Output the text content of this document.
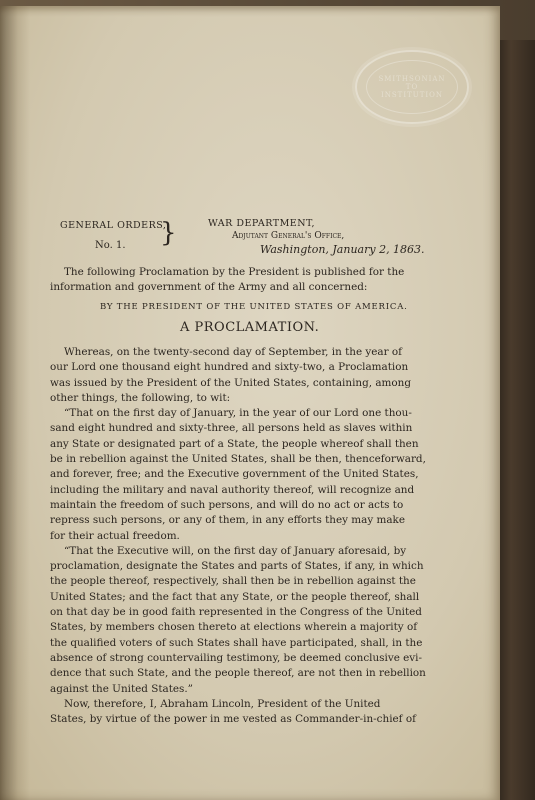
SMITHSONIAN
TO
INSTITUTION
GENERAL ORDERS,
No. 1. }	WAR DEPARTMENT,
Adjutant General's Office,
Washington, January 2, 1863.
The following Proclamation by the President is published for the
information and government of the Army and all concerned:
BY THE PRESIDENT OF THE UNITED STATES OF AMERICA.
A PROCLAMATION.
Whereas, on the twenty-second day of September, in the year of
our Lord one thousand eight hundred and sixty-two, a Proclamation
was issued by the President of the United States, containing, among
other things, the following, to wit:
“That on the first day of January, in the year of our Lord one thou-
sand eight hundred and sixty-three, all persons held as slaves within
any State or designated part of a State, the people whereof shall then
be in rebellion against the United States, shall be then, thenceforward,
and forever, free; and the Executive government of the United States,
including the military and naval authority thereof, will recognize and
maintain the freedom of such persons, and will do no act or acts to
repress such persons, or any of them, in any efforts they may make
for their actual freedom.
“That the Executive will, on the first day of January aforesaid, by
proclamation, designate the States and parts of States, if any, in which
the people thereof, respectively, shall then be in rebellion against the
United States; and the fact that any State, or the people thereof, shall
on that day be in good faith represented in the Congress of the United
States, by members chosen thereto at elections wherein a majority of
the qualified voters of such States shall have participated, shall, in the
absence of strong countervailing testimony, be deemed conclusive evi-
dence that such State, and the people thereof, are not then in rebellion
against the United States.”
Now, therefore, I, Abraham Lincoln, President of the United
States, by virtue of the power in me vested as Commander-in-chief of
